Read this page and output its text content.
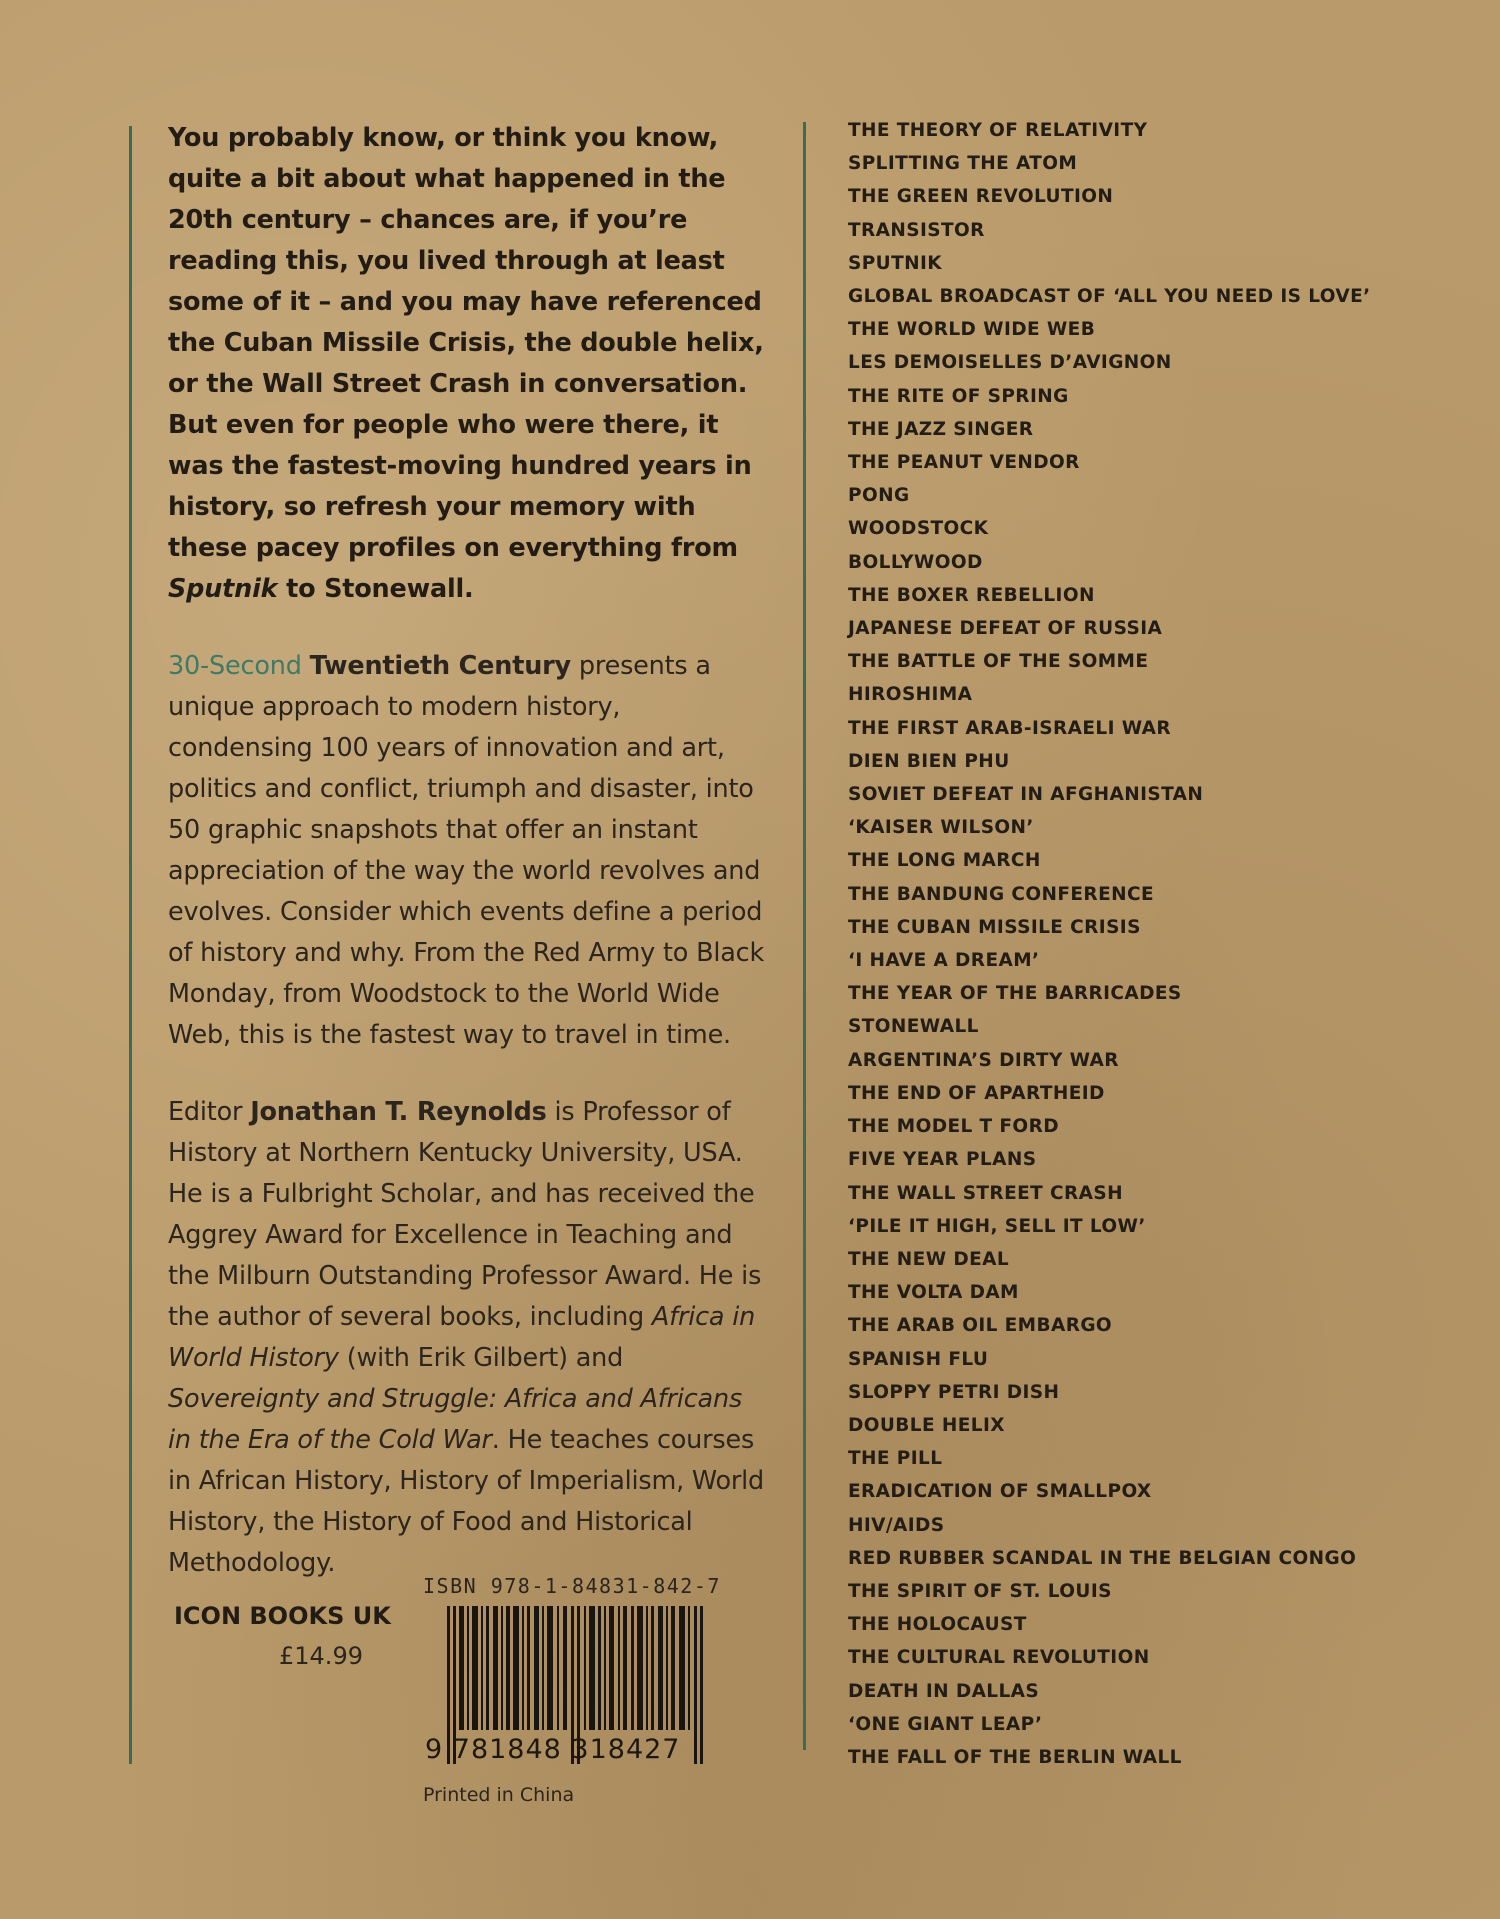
You probably know, or think you know, quite a bit about what happened in the 20th century – chances are, if you’re reading this, you lived through at least some of it – and you may have referenced the Cuban Missile Crisis, the double helix, or the Wall Street Crash in conversation. But even for people who were there, it was the fastest-moving hundred years in history, so refresh your memory with these pacey profiles on everything from Sputnik to Stonewall.

30-Second Twentieth Century presents a unique approach to modern history, condensing 100 years of innovation and art, politics and conflict, triumph and disaster, into 50 graphic snapshots that offer an instant appreciation of the way the world revolves and evolves. Consider which events define a period of history and why. From the Red Army to Black Monday, from Woodstock to the World Wide Web, this is the fastest way to travel in time.

Editor Jonathan T. Reynolds is Professor of History at Northern Kentucky University, USA. He is a Fulbright Scholar, and has received the Aggrey Award for Excellence in Teaching and the Milburn Outstanding Professor Award. He is the author of several books, including Africa in World History (with Erik Gilbert) and Sovereignty and Struggle: Africa and Africans in the Era of the Cold War. He teaches courses in African History, History of Imperialism, World History, the History of Food and Historical Methodology.

ICON BOOKS UK
£14.99
ISBN 978-1-84831-842-7
9 781848 318427
Printed in China
THE THEORY OF RELATIVITY
SPLITTING THE ATOM
THE GREEN REVOLUTION
TRANSISTOR
SPUTNIK
GLOBAL BROADCAST OF ‘ALL YOU NEED IS LOVE’
THE WORLD WIDE WEB
LES DEMOISELLES D’AVIGNON
THE RITE OF SPRING
THE JAZZ SINGER
THE PEANUT VENDOR
PONG
WOODSTOCK
BOLLYWOOD
THE BOXER REBELLION
JAPANESE DEFEAT OF RUSSIA
THE BATTLE OF THE SOMME
HIROSHIMA
THE FIRST ARAB-ISRAELI WAR
DIEN BIEN PHU
SOVIET DEFEAT IN AFGHANISTAN
‘KAISER WILSON’
THE LONG MARCH
THE BANDUNG CONFERENCE
THE CUBAN MISSILE CRISIS
‘I HAVE A DREAM’
THE YEAR OF THE BARRICADES
STONEWALL
ARGENTINA’S DIRTY WAR
THE END OF APARTHEID
THE MODEL T FORD
FIVE YEAR PLANS
THE WALL STREET CRASH
‘PILE IT HIGH, SELL IT LOW’
THE NEW DEAL
THE VOLTA DAM
THE ARAB OIL EMBARGO
SPANISH FLU
SLOPPY PETRI DISH
DOUBLE HELIX
THE PILL
ERADICATION OF SMALLPOX
HIV/AIDS
RED RUBBER SCANDAL IN THE BELGIAN CONGO
THE SPIRIT OF ST. LOUIS
THE HOLOCAUST
THE CULTURAL REVOLUTION
DEATH IN DALLAS
‘ONE GIANT LEAP’
THE FALL OF THE BERLIN WALL
